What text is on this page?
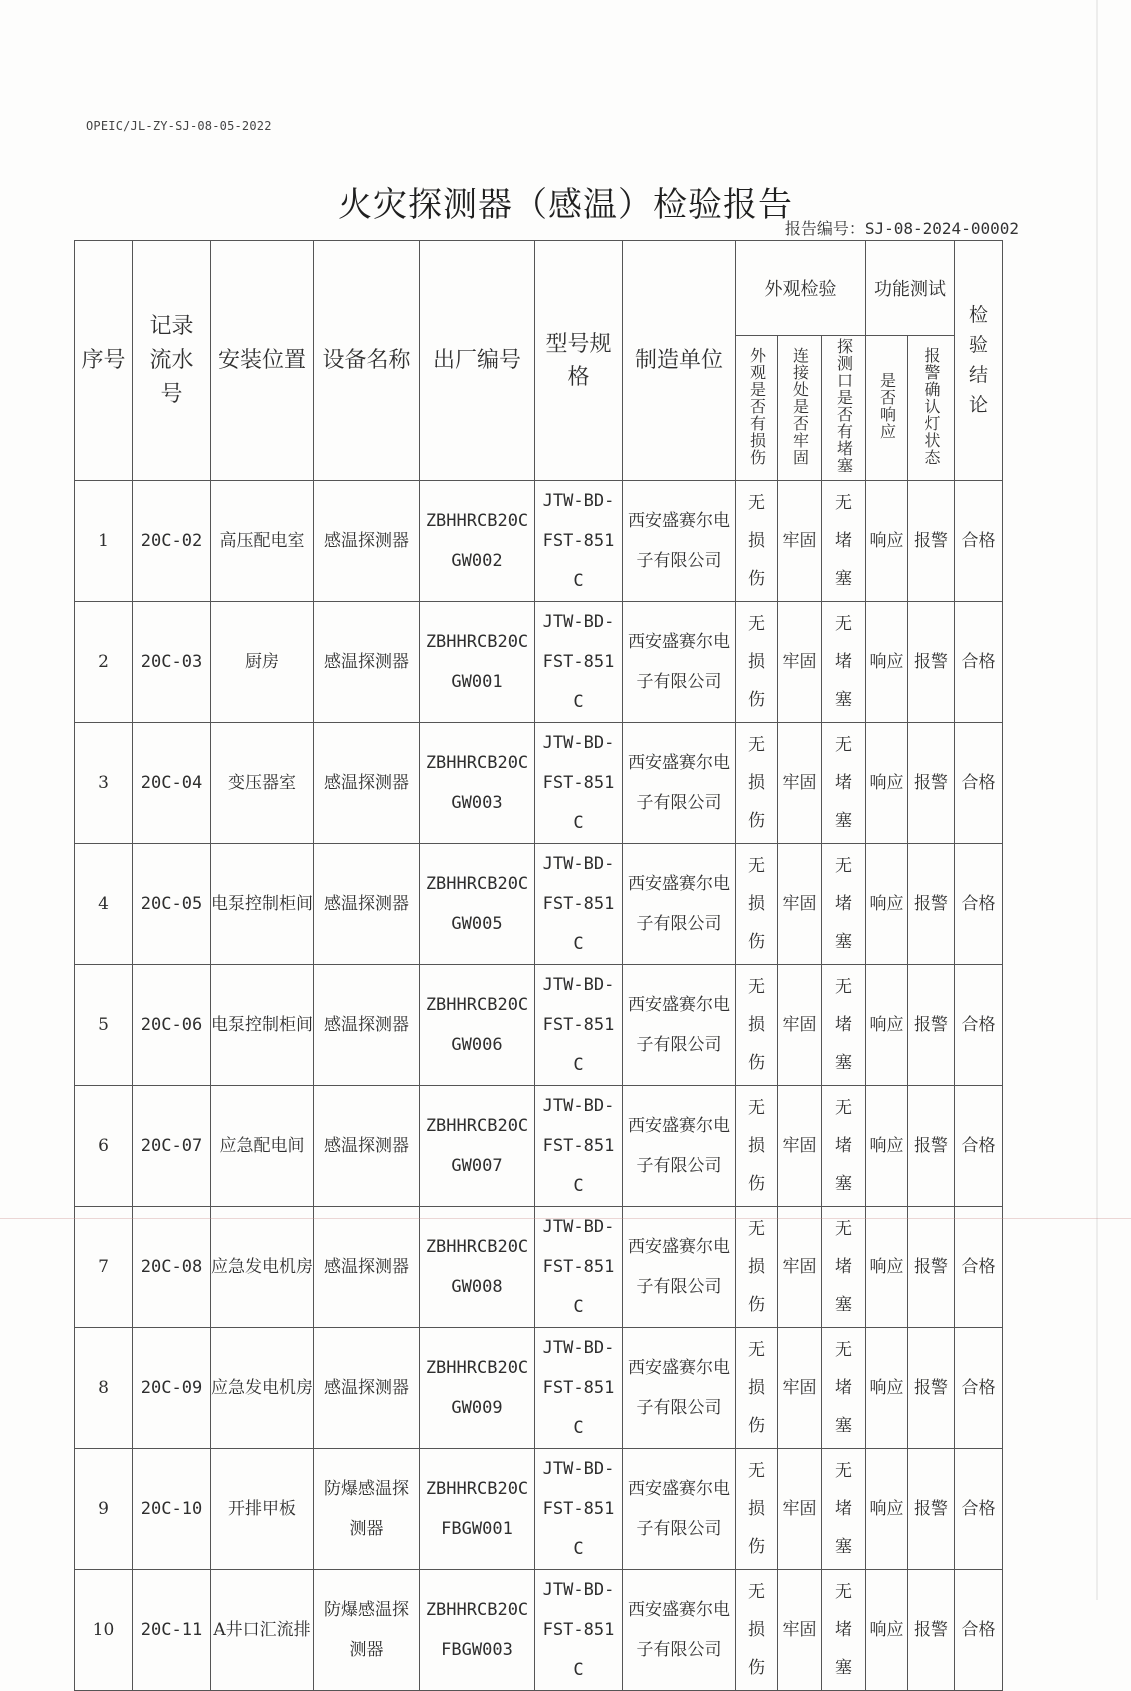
OPEIC/JL-ZY-SJ-08-05-2022
火灾探测器（感温）检验报告
报告编号：SJ-08-2024-00002
序号	记录流水号	安装位置	设备名称	出厂编号	型号规格	制造单位	外观检验			功能测试		检验结论
							外观是否有损伤	连接处是否牢固	探测口是否有堵塞	是否响应	报警确认灯状态	
1	20C-02	高压配电室	感温探测器	ZBHHRCB20CGW002	JTW-BD-FST-851C	西安盛赛尔电子有限公司	无损伤	牢固	无堵塞	响应	报警	合格
2	20C-03	厨房	感温探测器	ZBHHRCB20CGW001	JTW-BD-FST-851C	西安盛赛尔电子有限公司	无损伤	牢固	无堵塞	响应	报警	合格
3	20C-04	变压器室	感温探测器	ZBHHRCB20CGW003	JTW-BD-FST-851C	西安盛赛尔电子有限公司	无损伤	牢固	无堵塞	响应	报警	合格
4	20C-05	电泵控制柜间	感温探测器	ZBHHRCB20CGW005	JTW-BD-FST-851C	西安盛赛尔电子有限公司	无损伤	牢固	无堵塞	响应	报警	合格
5	20C-06	电泵控制柜间	感温探测器	ZBHHRCB20CGW006	JTW-BD-FST-851C	西安盛赛尔电子有限公司	无损伤	牢固	无堵塞	响应	报警	合格
6	20C-07	应急配电间	感温探测器	ZBHHRCB20CGW007	JTW-BD-FST-851C	西安盛赛尔电子有限公司	无损伤	牢固	无堵塞	响应	报警	合格
7	20C-08	应急发电机房	感温探测器	ZBHHRCB20CGW008	JTW-BD-FST-851C	西安盛赛尔电子有限公司	无损伤	牢固	无堵塞	响应	报警	合格
8	20C-09	应急发电机房	感温探测器	ZBHHRCB20CGW009	JTW-BD-FST-851C	西安盛赛尔电子有限公司	无损伤	牢固	无堵塞	响应	报警	合格
9	20C-10	开排甲板	防爆感温探测器	ZBHHRCB20CFBGW001	JTW-BD-FST-851C	西安盛赛尔电子有限公司	无损伤	牢固	无堵塞	响应	报警	合格
10	20C-11	A井口汇流排	防爆感温探测器	ZBHHRCB20CFBGW003	JTW-BD-FST-851C	西安盛赛尔电子有限公司	无损伤	牢固	无堵塞	响应	报警	合格
